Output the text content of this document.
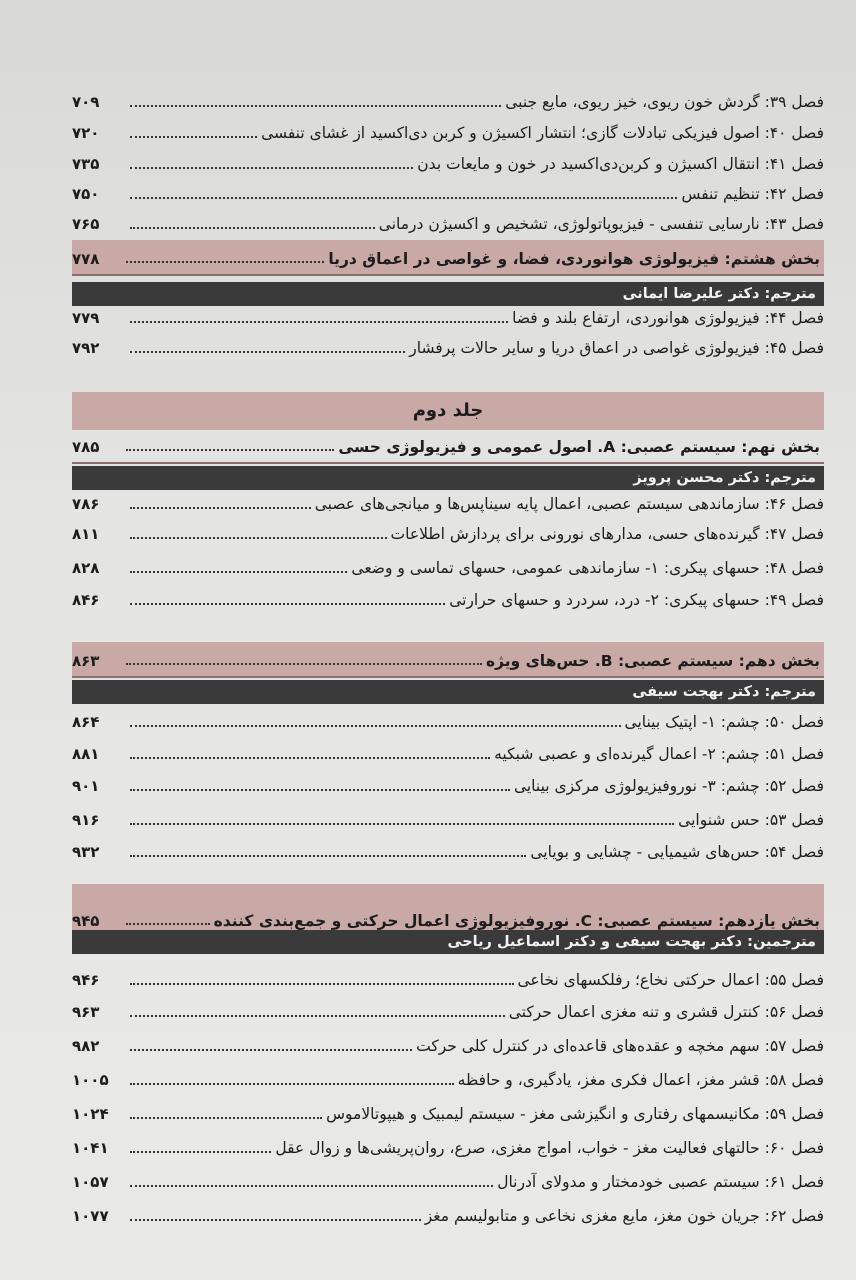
فصل ۳۹: گردش خون ریوی، خیز ریوی، مایع جنبی
۷۰۹
فصل ۴۰: اصول فیزیکی تبادلات گازی؛ انتشار اکسیژن و کربن دی‌اکسید از غشای تنفسی
۷۲۰
فصل ۴۱: انتقال اکسیژن و کربن‌دی‌اکسید در خون و مایعات بدن
۷۳۵
فصل ۴۲: تنظیم تنفس
۷۵۰
فصل ۴۳: نارسایی تنفسی - فیزیوپاتولوژی، تشخیص و اکسیژن درمانی
۷۶۵
بخش هشتم: فیزیولوژی هوانوردی، فضا، و غواصی در اعماق دریا
۷۷۸
مترجم: دکتر علیرضا ایمانی
فصل ۴۴: فیزیولوژی هوانوردی، ارتفاع بلند و فضا
۷۷۹
فصل ۴۵: فیزیولوژی غواصی در اعماق دریا و سایر حالات پرفشار
۷۹۲
جلد دوم
بخش نهم: سیستم عصبی: A. اصول عمومی و فیزیولوژی حسی
۷۸۵
مترجم: دکتر محسن پرویز
فصل ۴۶: سازماندهی سیستم عصبی، اعمال پایه سیناپس‌ها و میانجی‌های عصبی
۷۸۶
فصل ۴۷: گیرنده‌های حسی، مدارهای نورونی برای پردازش اطلاعات
۸۱۱
فصل ۴۸: حسهای پیکری: ۱- سازماندهی عمومی، حسهای تماسی و وضعی
۸۲۸
فصل ۴۹: حسهای پیکری: ۲- درد، سردرد و حسهای حرارتی
۸۴۶
بخش دهم: سیستم عصبی: B. حس‌های ویژه
۸۶۳
مترجم: دکتر بهجت سیفی
فصل ۵۰: چشم: ۱- اپتیک بینایی
۸۶۴
فصل ۵۱: چشم: ۲- اعمال گیرنده‌ای و عصبی شبکیه
۸۸۱
فصل ۵۲: چشم: ۳- نوروفیزیولوژی مرکزی بینایی
۹۰۱
فصل ۵۳: حس شنوایی
۹۱۶
فصل ۵۴: حس‌های شیمیایی - چشایی و بویایی
۹۳۲
بخش یازدهم: سیستم عصبی: C. نوروفیزیولوژی اعمال حرکتی و جمع‌بندی کننده
۹۴۵
مترجمین: دکتر بهجت سیفی و دکتر اسماعیل ریاحی
فصل ۵۵: اعمال حرکتی نخاع؛ رفلکسهای نخاعی
۹۴۶
فصل ۵۶: کنترل قشری و تنه مغزی اعمال حرکتی
۹۶۳
فصل ۵۷: سهم مخچه و عقده‌های قاعده‌ای در کنترل کلی حرکت
۹۸۲
فصل ۵۸: قشر مغز، اعمال فکری مغز، یادگیری، و حافظه
۱۰۰۵
فصل ۵۹: مکانیسمهای رفتاری و انگیزشی مغز - سیستم لیمبیک و هیپوتالاموس
۱۰۲۴
فصل ۶۰: حالتهای فعالیت مغز - خواب، امواج مغزی، صرع، روان‌پریشی‌ها و زوال عقل
۱۰۴۱
فصل ۶۱: سیستم عصبی خودمختار و مدولای آدرنال
۱۰۵۷
فصل ۶۲: جریان خون مغز، مایع مغزی نخاعی و متابولیسم مغز
۱۰۷۷
